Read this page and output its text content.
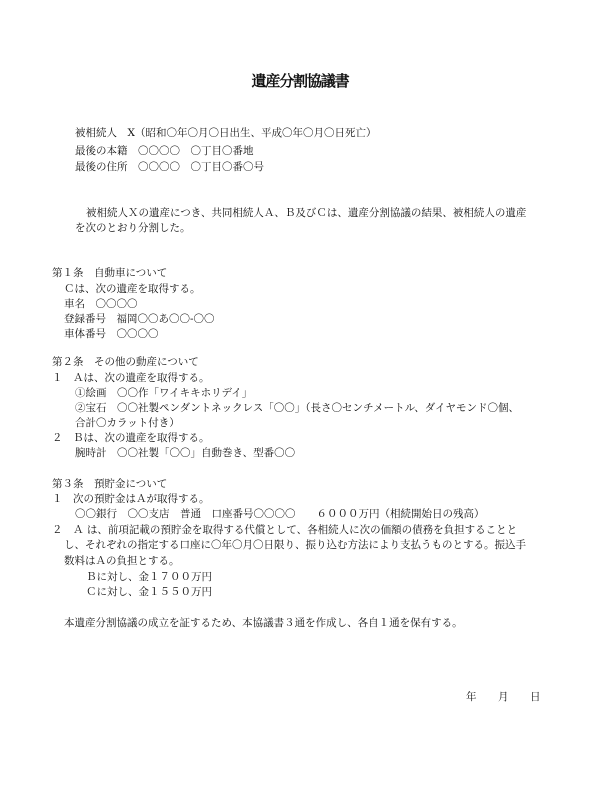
遺産分割協議書

被相続人　X（昭和〇年〇月〇日出生、平成〇年〇月〇日死亡）

最後の本籍　〇〇〇〇　〇丁目〇番地

最後の住所　〇〇〇〇　〇丁目〇番〇号

被相続人Ｘの遺産につき、共同相続人Ａ、Ｂ及びＣは、遺産分割協議の結果、被相続人の遺産

を次のとおり分割した。

第１条　自動車について

Ｃは、次の遺産を取得する。

車名　〇〇〇〇

登録番号　福岡〇〇あ〇〇-〇〇

車体番号　〇〇〇〇

第２条　その他の動産について

１　Ａは、次の遺産を取得する。

①絵画　〇〇作「ワイキキホリデイ」

②宝石　〇〇社製ペンダントネックレス「〇〇」（長さ〇センチメートル、ダイヤモンド〇個、

合計〇カラット付き）

２　Ｂは、次の遺産を取得する。

腕時計　〇〇社製「〇〇」自動巻き、型番〇〇

第３条　預貯金について

１　次の預貯金はＡが取得する。

〇〇銀行　〇〇支店　普通　口座番号〇〇〇〇　　６０００万円（相続開始日の残高）

２　Ａ は、前項記載の預貯金を取得する代償として、各相続人に次の価額の債務を負担することと

し、それぞれの指定する口座に〇年〇月〇日限り、振り込む方法により支払うものとする。振込手

数料はＡの負担とする。

Ｂに対し、金１７００万円

Ｃに対し、金１５５０万円

本遺産分割協議の成立を証するため、本協議書３通を作成し、各自１通を保有する。

年 月 日
